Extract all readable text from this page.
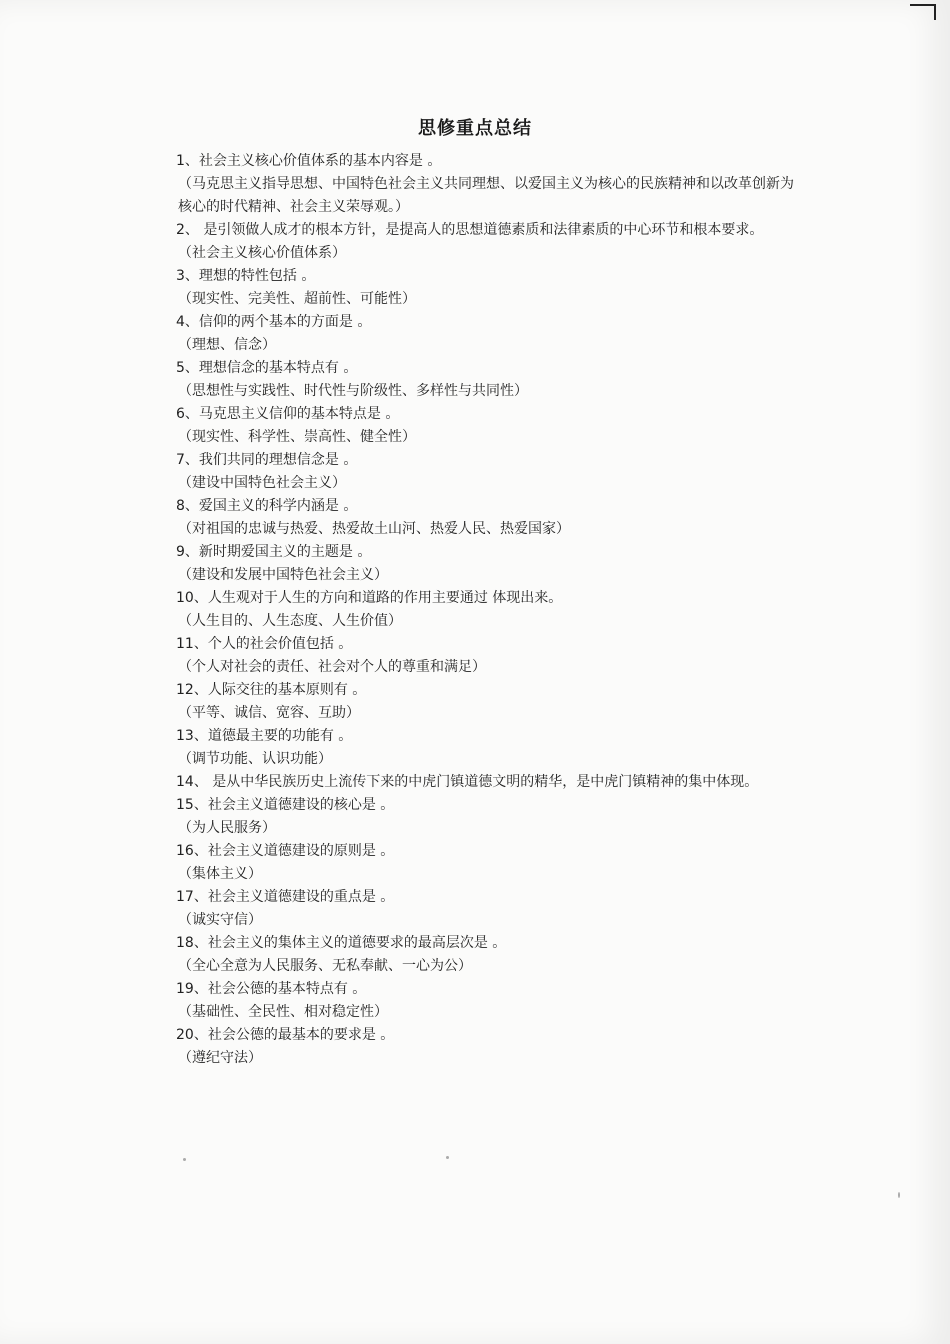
思修重点总结

1、社会主义核心价值体系的基本内容是 。

（马克思主义指导思想、中国特色社会主义共同理想、以爱国主义为核心的民族精神和以改革创新为核心的时代精神、社会主义荣辱观。）

2、 是引领做人成才的根本方针，是提高人的思想道德素质和法律素质的中心环节和根本要求。

（社会主义核心价值体系）

3、理想的特性包括 。

（现实性、完美性、超前性、可能性）

4、信仰的两个基本的方面是 。

（理想、信念）

5、理想信念的基本特点有 。

（思想性与实践性、时代性与阶级性、多样性与共同性）

6、马克思主义信仰的基本特点是 。

（现实性、科学性、崇高性、健全性）

7、我们共同的理想信念是 。

（建设中国特色社会主义）

8、爱国主义的科学内涵是 。

（对祖国的忠诚与热爱、热爱故土山河、热爱人民、热爱国家）

9、新时期爱国主义的主题是 。

（建设和发展中国特色社会主义）

10、人生观对于人生的方向和道路的作用主要通过 体现出来。

（人生目的、人生态度、人生价值）

11、个人的社会价值包括 。

（个人对社会的责任、社会对个人的尊重和满足）

12、人际交往的基本原则有 。

（平等、诚信、宽容、互助）

13、道德最主要的功能有 。

（调节功能、认识功能）

14、 是从中华民族历史上流传下来的中虎门镇道德文明的精华，是中虎门镇精神的集中体现。

15、社会主义道德建设的核心是 。

（为人民服务）

16、社会主义道德建设的原则是 。

（集体主义）

17、社会主义道德建设的重点是 。

（诚实守信）

18、社会主义的集体主义的道德要求的最高层次是 。

（全心全意为人民服务、无私奉献、一心为公）

19、社会公德的基本特点有 。

（基础性、全民性、相对稳定性）

20、社会公德的最基本的要求是 。

（遵纪守法）
